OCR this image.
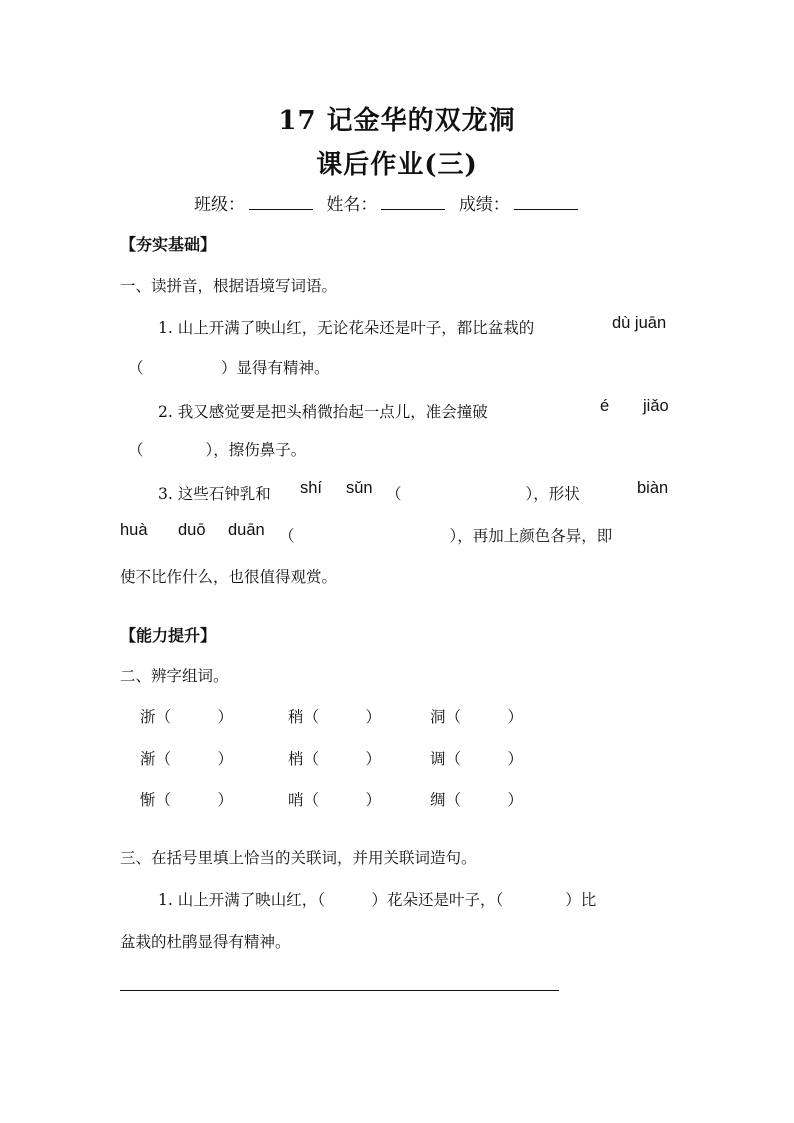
17 记金华的双龙洞
课后作业(三)
班级：	姓名：	成绩：
【夯实基础】
一、读拼音，根据语境写词语。
1. 山上开满了映山红，无论花朵还是叶子，都比盆栽的	dù juān
（　　　　　）显得有精神。
2. 我又感觉要是把头稍微抬起一点儿，准会撞破	é jiǎo
（　　　　），擦伤鼻子。
3. 这些石钟乳和 shí sǔn （　　　　　　　　），形状	biàn
huà duō duān （　　　　　　　　　　），再加上颜色各异，即
使不比作什么，也很值得观赏。
【能力提升】
二、辨字组词。
浙（　　　）	稍（　　　）	洞（　　　）
渐（　　　）	梢（　　　）	调（　　　）
惭（　　　）	哨（　　　）	绸（　　　）
三、在括号里填上恰当的关联词，并用关联词造句。
1. 山上开满了映山红，（　　　）花朵还是叶子，（　　　　）比
盆栽的杜鹃显得有精神。
